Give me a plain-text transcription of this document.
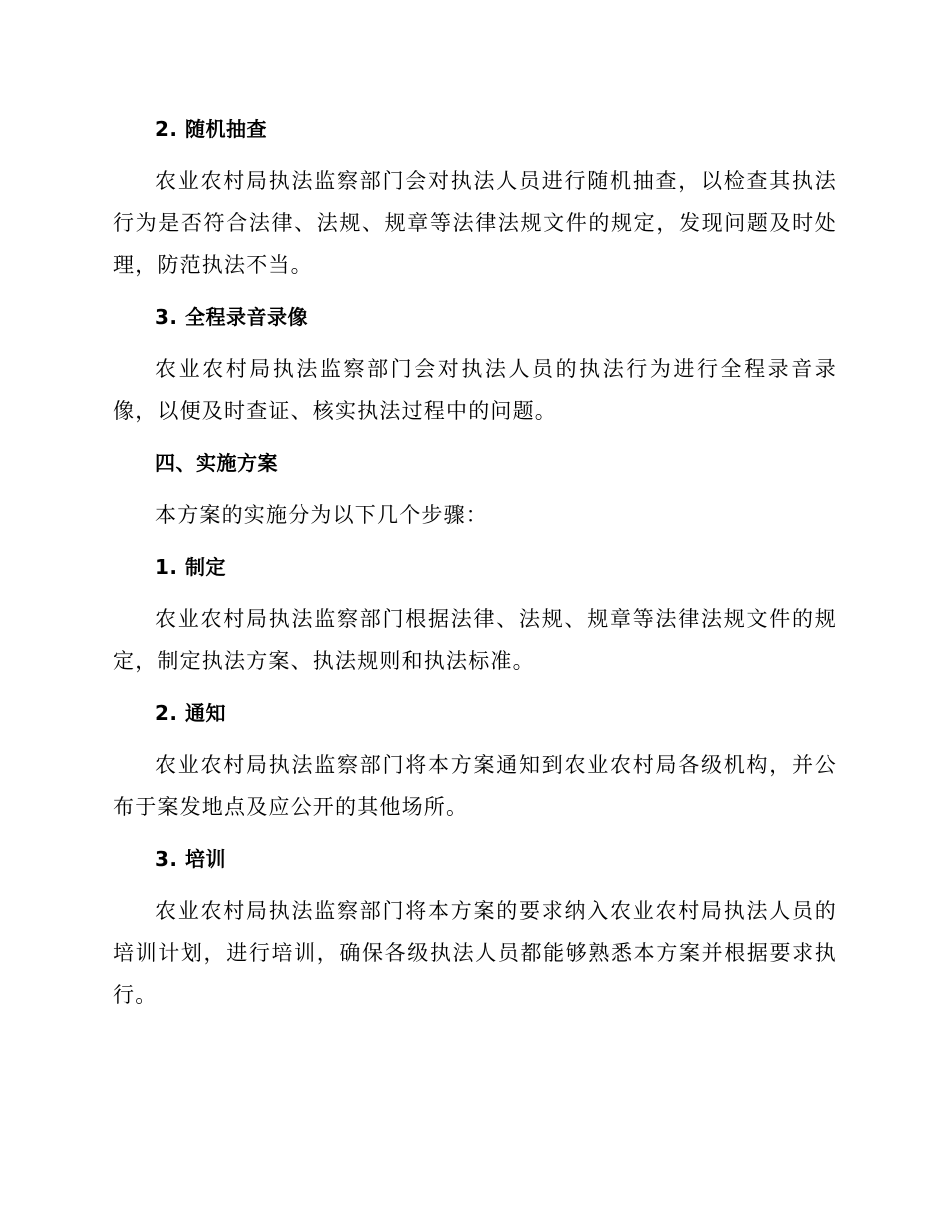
2. 随机抽查
农业农村局执法监察部门会对执法人员进行随机抽查，以检查其执法行为是否符合法律、法规、规章等法律法规文件的规定，发现问题及时处理，防范执法不当。
3. 全程录音录像
农业农村局执法监察部门会对执法人员的执法行为进行全程录音录像，以便及时查证、核实执法过程中的问题。
四、实施方案
本方案的实施分为以下几个步骤：
1. 制定
农业农村局执法监察部门根据法律、法规、规章等法律法规文件的规定，制定执法方案、执法规则和执法标准。
2. 通知
农业农村局执法监察部门将本方案通知到农业农村局各级机构，并公布于案发地点及应公开的其他场所。
3. 培训
农业农村局执法监察部门将本方案的要求纳入农业农村局执法人员的培训计划，进行培训，确保各级执法人员都能够熟悉本方案并根据要求执行。
